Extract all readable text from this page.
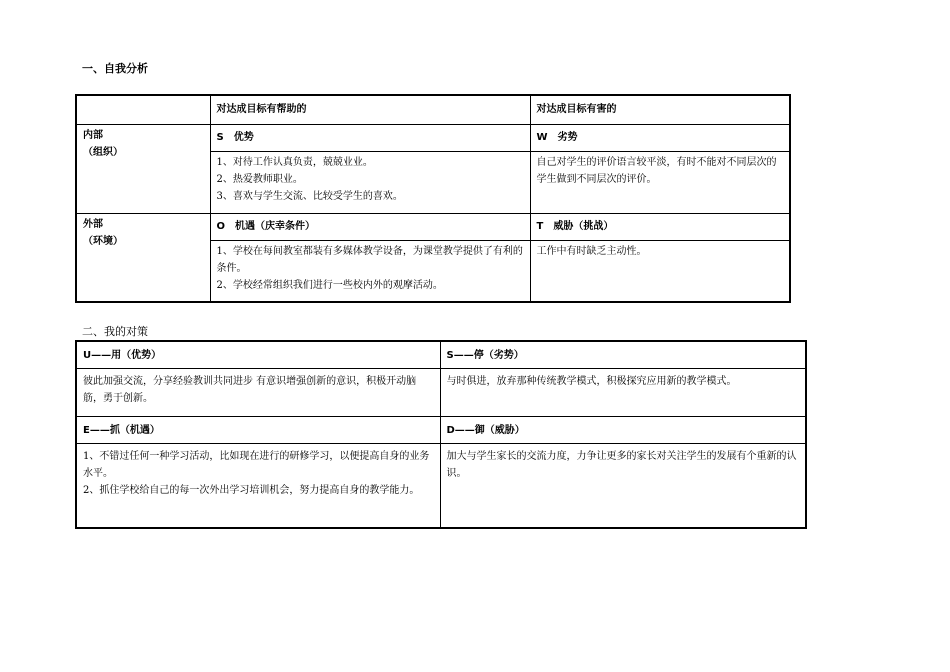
一、自我分析
	对达成目标有帮助的	对达成目标有害的

内部
（组织）	S　优势	W　劣势

	1、对待工作认真负责，兢兢业业。
2、热爱教师职业。
3、喜欢与学生交流、比较受学生的喜欢。	自己对学生的评价语言较平淡，有时不能对不同层次的学生做到不同层次的评价。

外部
（环境）	O　机遇（庆幸条件）	T　威胁（挑战）

	1、学校在每间教室都装有多媒体教学设备，为课堂教学提供了有利的条件。
2、学校经常组织我们进行一些校内外的观摩活动。	工作中有时缺乏主动性。
二、我的对策
U——用（优势）	S——停（劣势）
彼此加强交流，分享经验教训共同进步 有意识增强创新的意识，积极开动脑筋，勇于创新。	与时俱进，放弃那种传统教学模式，积极探究应用新的教学模式。
E——抓（机遇）	D——御（威胁）

1、不错过任何一种学习活动，比如现在进行的研修学习，以便提高自身的业务水平。
2、抓住学校给自己的每一次外出学习培训机会，努力提高自身的教学能力。	加大与学生家长的交流力度，力争让更多的家长对关注学生的发展有个重新的认识。
